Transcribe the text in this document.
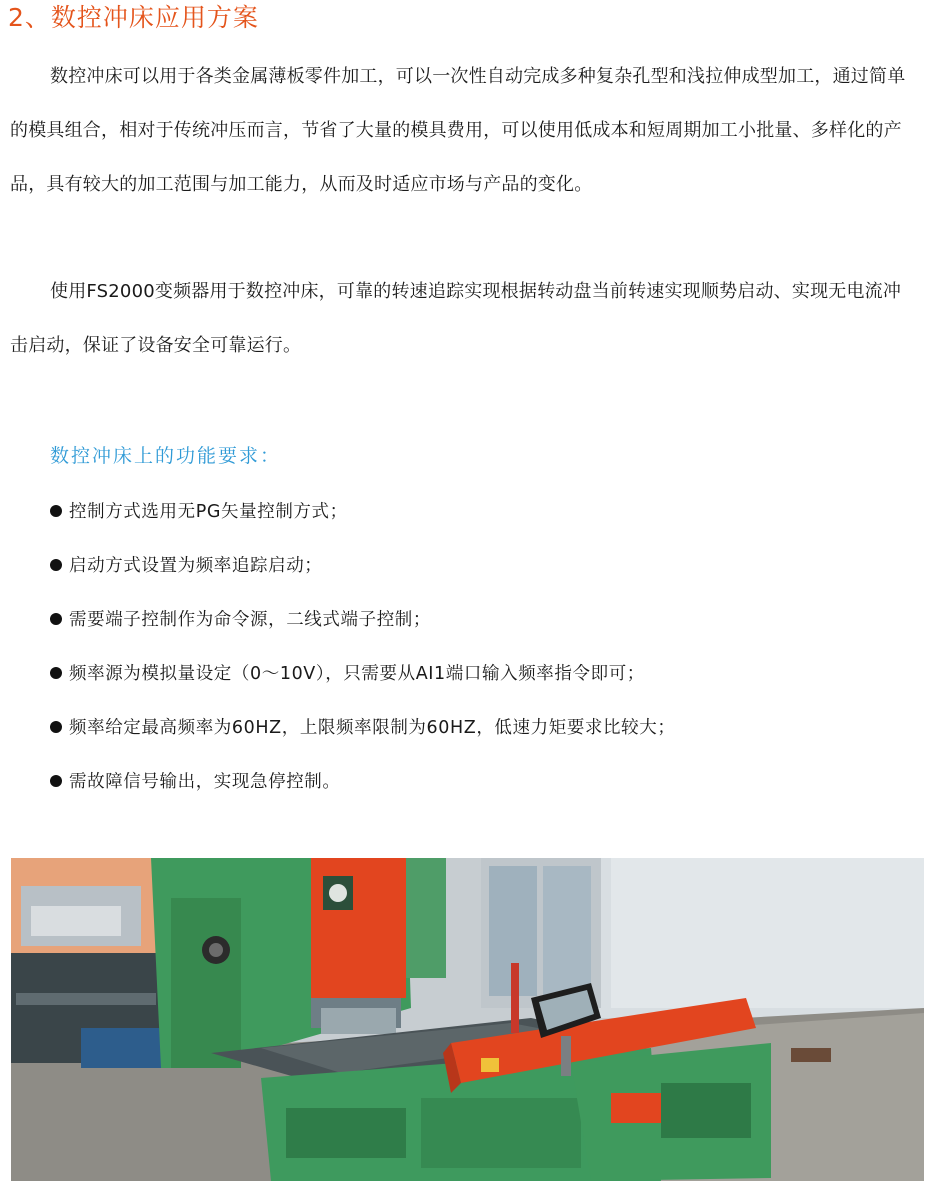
2、数控冲床应用方案

数控冲床可以用于各类金属薄板零件加工，可以一次性自动完成多种复杂孔型和浅拉伸成型加工，通过简单的模具组合，相对于传统冲压而言，节省了大量的模具费用，可以使用低成本和短周期加工小批量、多样化的产品，具有较大的加工范围与加工能力，从而及时适应市场与产品的变化。

使用FS2000变频器用于数控冲床，可靠的转速追踪实现根据转动盘当前转速实现顺势启动、实现无电流冲击启动，保证了设备安全可靠运行。

数控冲床上的功能要求：
控制方式选用无PG矢量控制方式；
启动方式设置为频率追踪启动；
需要端子控制作为命令源，二线式端子控制；
频率源为模拟量设定（0～10V），只需要从AI1端口输入频率指令即可；
频率给定最高频率为60HZ，上限频率限制为60HZ，低速力矩要求比较大；
需故障信号输出，实现急停控制。
